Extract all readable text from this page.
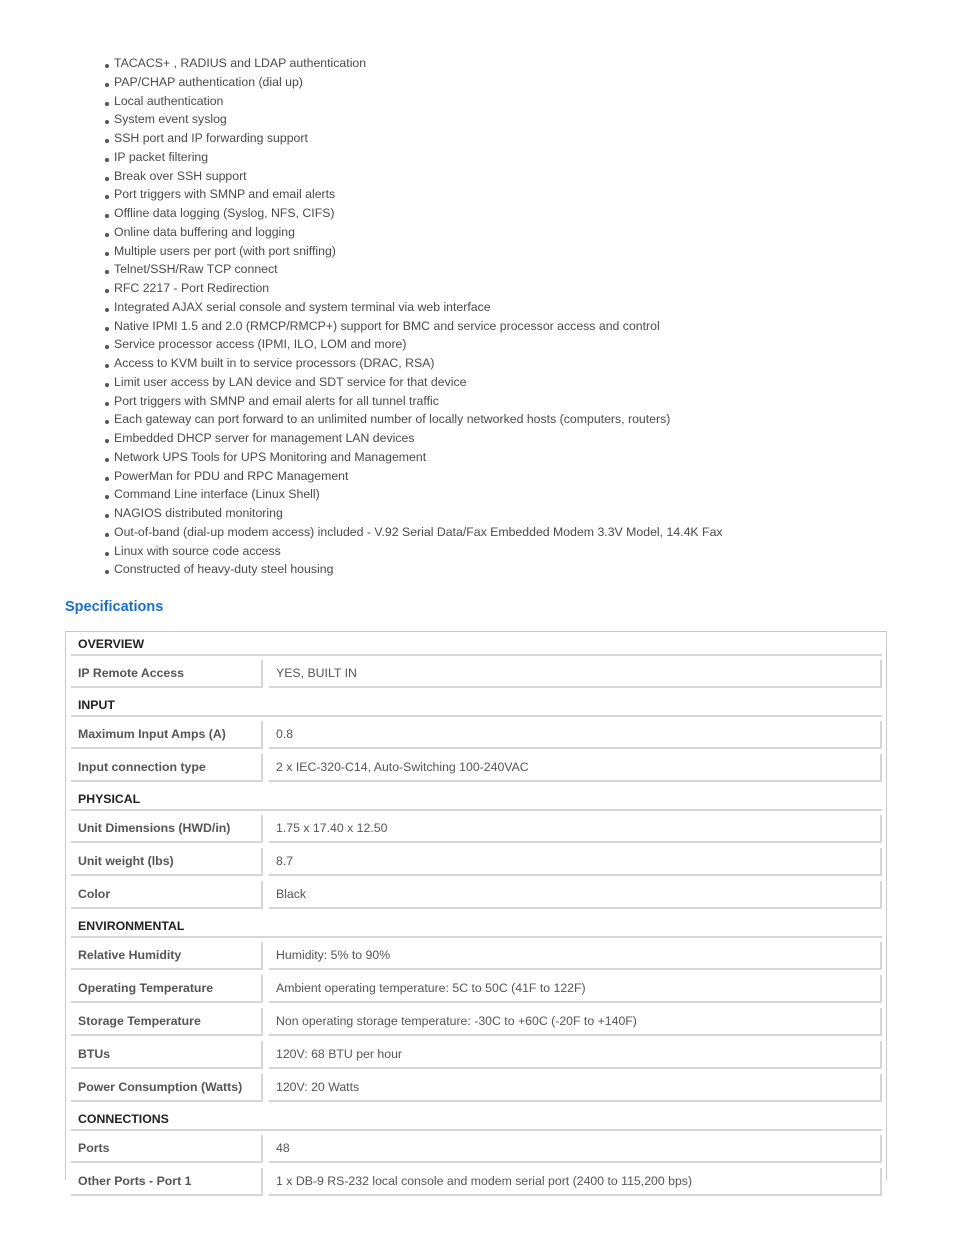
TACACS+ , RADIUS and LDAP authentication
PAP/CHAP authentication (dial up)
Local authentication
System event syslog
SSH port and IP forwarding support
IP packet filtering
Break over SSH support
Port triggers with SMNP and email alerts
Offline data logging (Syslog, NFS, CIFS)
Online data buffering and logging
Multiple users per port (with port sniffing)
Telnet/SSH/Raw TCP connect
RFC 2217 - Port Redirection
Integrated AJAX serial console and system terminal via web interface
Native IPMI 1.5 and 2.0 (RMCP/RMCP+) support for BMC and service processor access and control
Service processor access (IPMI, ILO, LOM and more)
Access to KVM built in to service processors (DRAC, RSA)
Limit user access by LAN device and SDT service for that device
Port triggers with SMNP and email alerts for all tunnel traffic
Each gateway can port forward to an unlimited number of locally networked hosts (computers, routers)
Embedded DHCP server for management LAN devices
Network UPS Tools for UPS Monitoring and Management
PowerMan for PDU and RPC Management
Command Line interface (Linux Shell)
NAGIOS distributed monitoring
Out-of-band (dial-up modem access) included - V.92 Serial Data/Fax Embedded Modem 3.3V Model, 14.4K Fax
Linux with source code access
Constructed of heavy-duty steel housing
Specifications
OVERVIEW
IP Remote Access	YES, BUILT IN
INPUT
Maximum Input Amps (A)	0.8
Input connection type	2 x IEC-320-C14, Auto-Switching 100-240VAC
PHYSICAL
Unit Dimensions (HWD/in)	1.75 x 17.40 x 12.50
Unit weight (lbs)	8.7
Color	Black
ENVIRONMENTAL
Relative Humidity	Humidity: 5% to 90%
Operating Temperature	Ambient operating temperature: 5C to 50C (41F to 122F)
Storage Temperature	Non operating storage temperature: -30C to +60C (-20F to +140F)
BTUs	120V: 68 BTU per hour
Power Consumption (Watts)	120V: 20 Watts
CONNECTIONS
Ports	48
Other Ports - Port 1	1 x DB-9 RS-232 local console and modem serial port (2400 to 115,200 bps)
